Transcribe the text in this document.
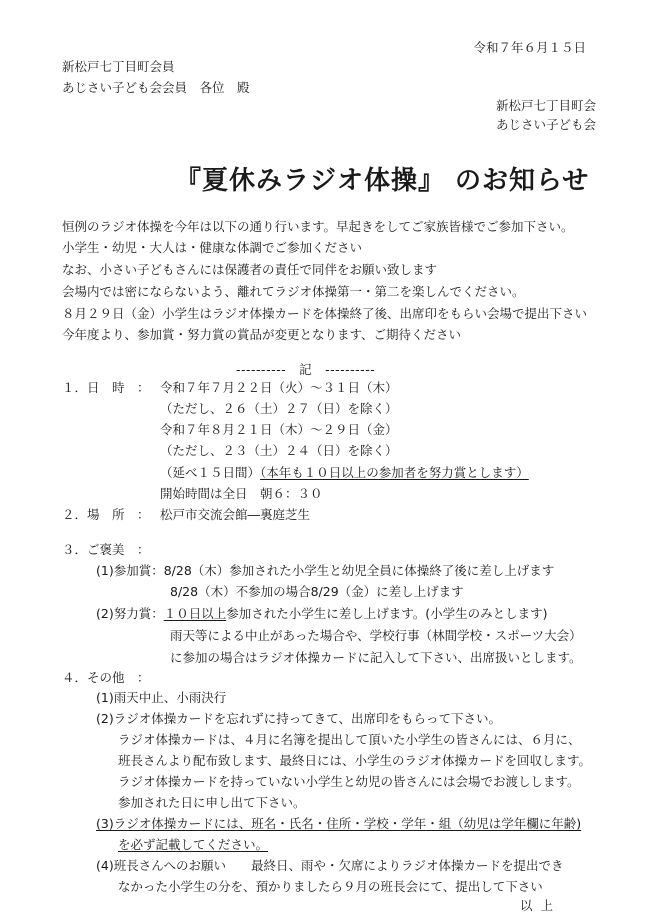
令和７年６月１５日
新松戸七丁目町会員
あじさい子ども会会員　各位　殿
新松戸七丁目町会
あじさい子ども会
『夏休みラジオ体操』 のお知らせ
恒例のラジオ体操を今年は以下の通り行います。早起きをしてご家族皆様でご参加下さい。
小学生・幼児・大人は・健康な体調でご参加ください
なお、小さい子どもさんには保護者の責任で同伴をお願い致します
会場内では密にならないよう、離れてラジオ体操第一・第二を楽しんでください。
８月２９日（金）小学生はラジオ体操カードを体操終了後、出席印をもらい会場で提出下さい
今年度より、参加賞・努力賞の賞品が変更となります、ご期待ください
----------　記　----------
１．日　時　： 令和７年７月２２日（火）～３１日（木）
（ただし、２６（土）２７（日）を除く）
令和７年８月２１日（木）～２９日（金）
（ただし、２３（土）２４（日）を除く）
（延べ１５日間）（本年も１０日以上の参加者を努力賞とします）
開始時間は全日　朝６：３０
２．場　所　： 松戸市交流会館―裏庭芝生
３．ご褒美　：
(1)参加賞：8/28（木）参加された小学生と幼児全員に体操終了後に差し上げます
8/28（木）不参加の場合8/29（金）に差し上げます
(2)努力賞：１０日以上参加された小学生に差し上げます。(小学生のみとします)
雨天等による中止があった場合や、学校行事（林間学校・スポーツ大会）
に参加の場合はラジオ体操カードに記入して下さい、出席扱いとします。
４．その他　：
(1)雨天中止、小雨決行
(2)ラジオ体操カードを忘れずに持ってきて、出席印をもらって下さい。
ラジオ体操カードは、４月に名簿を提出して頂いた小学生の皆さんには、６月に、
班長さんより配布致します、最終日には、小学生のラジオ体操カードを回収します。
ラジオ体操カードを持っていない小学生と幼児の皆さんには会場でお渡しします。
参加された日に申し出て下さい。
(3)ラジオ体操カードには、班名・氏名・住所・学校・学年・組（幼児は学年欄に年齢)
を必ず記載してください。
(4)班長さんへのお願い　　最終日、雨や・欠席によりラジオ体操カードを提出でき
なかった小学生の分を、預かりましたら９月の班長会にて、提出して下さい
以上
